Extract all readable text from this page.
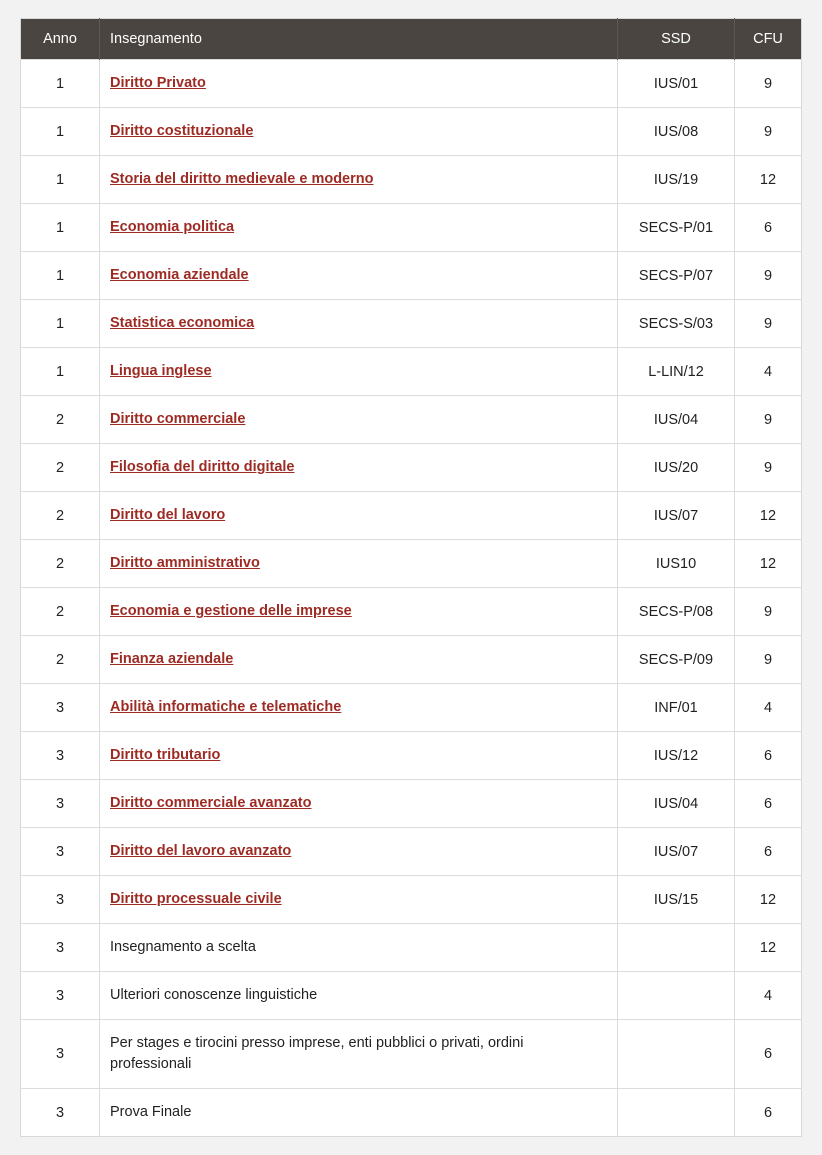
Anno	Insegnamento	SSD	CFU
1	Diritto Privato	IUS/01	9
1	Diritto costituzionale	IUS/08	9
1	Storia del diritto medievale e moderno	IUS/19	12
1	Economia politica	SECS-P/01	6
1	Economia aziendale	SECS-P/07	9
1	Statistica economica	SECS-S/03	9
1	Lingua inglese	L-LIN/12	4
2	Diritto commerciale	IUS/04	9
2	Filosofia del diritto digitale	IUS/20	9
2	Diritto del lavoro	IUS/07	12
2	Diritto amministrativo	IUS10	12
2	Economia e gestione delle imprese	SECS-P/08	9
2	Finanza aziendale	SECS-P/09	9
3	Abilità informatiche e telematiche	INF/01	4
3	Diritto tributario	IUS/12	6
3	Diritto commerciale avanzato	IUS/04	6
3	Diritto del lavoro avanzato	IUS/07	6
3	Diritto processuale civile	IUS/15	12
3	Insegnamento a scelta		12
3	Ulteriori conoscenze linguistiche		4
3	Per stages e tirocini presso imprese, enti pubblici o privati, ordini professionali		6
3	Prova Finale		6
